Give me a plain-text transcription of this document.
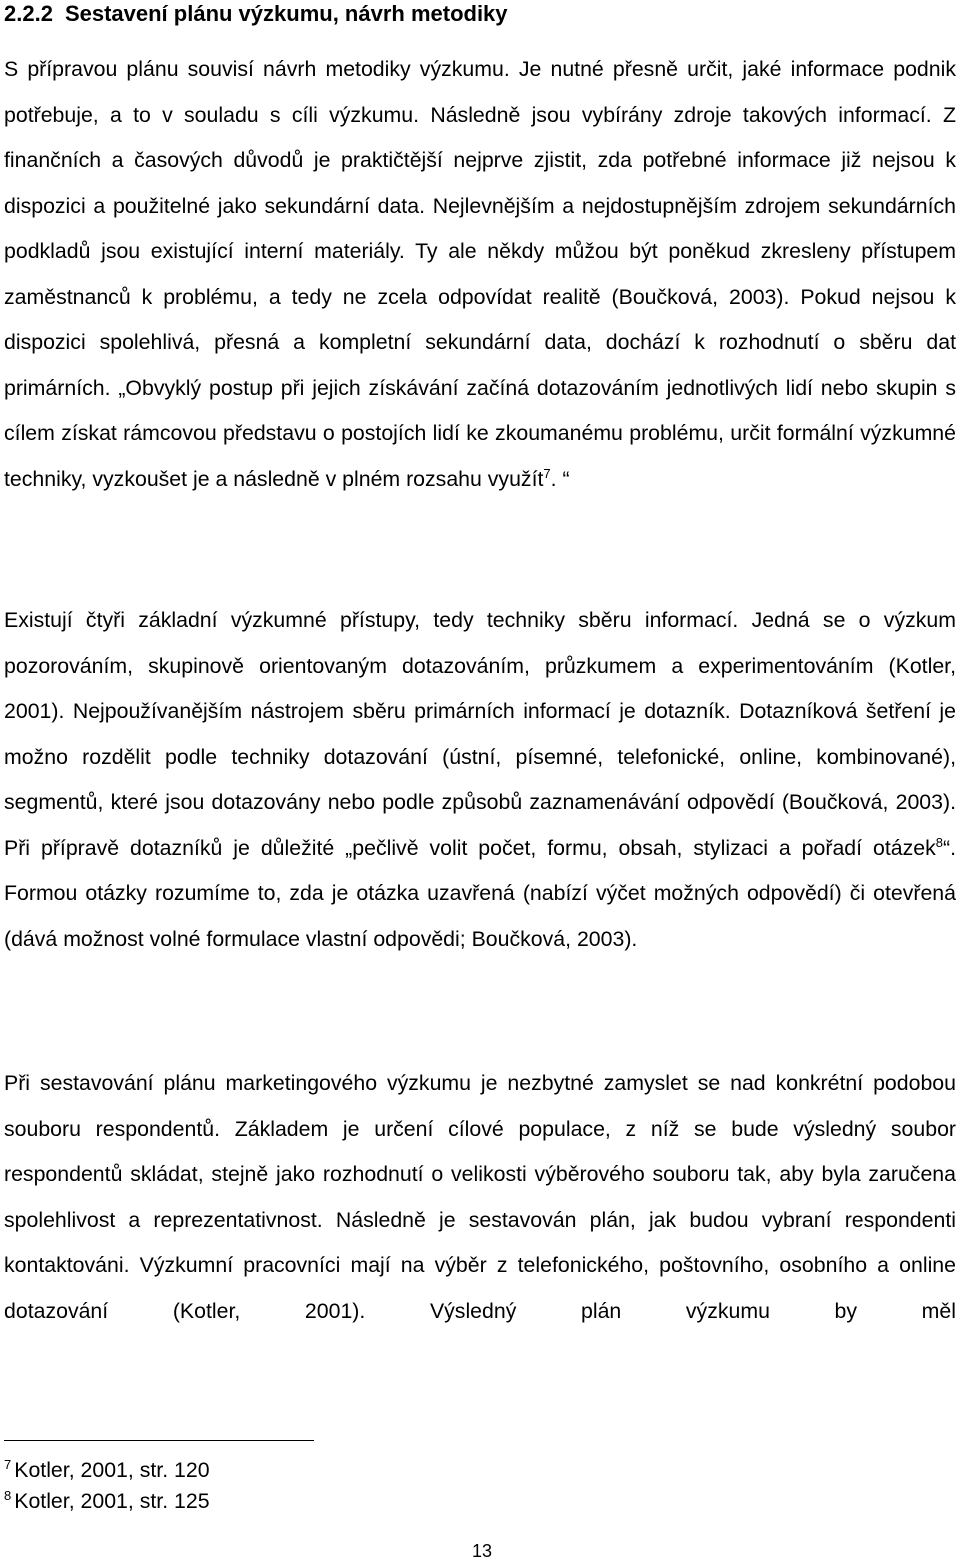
2.2.2 Sestavení plánu výzkumu, návrh metodiky

S přípravou plánu souvisí návrh metodiky výzkumu. Je nutné přesně určit, jaké informace podnik potřebuje, a to v souladu s cíli výzkumu. Následně jsou vybírány zdroje takových informací. Z finančních a časových důvodů je praktičtější nejprve zjistit, zda potřebné informace již nejsou k dispozici a použitelné jako sekundární data. Nejlevnějším a nejdostupnějším zdrojem sekundárních podkladů jsou existující interní materiály. Ty ale někdy můžou být poněkud zkresleny přístupem zaměstnanců k problému, a tedy ne zcela odpovídat realitě (Boučková, 2003). Pokud nejsou k dispozici spolehlivá, přesná a kompletní sekundární data, dochází k rozhodnutí o sběru dat primárních. „Obvyklý postup při jejich získávání začíná dotazováním jednotlivých lidí nebo skupin s cílem získat rámcovou představu o postojích lidí ke zkoumanému problému, určit formální výzkumné techniky, vyzkoušet je a následně v plném rozsahu využít$^7$. “

Existují čtyři základní výzkumné přístupy, tedy techniky sběru informací. Jedná se o výzkum pozorováním, skupinově orientovaným dotazováním, průzkumem a experimentováním (Kotler, 2001). Nejpoužívanějším nástrojem sběru primárních informací je dotazník. Dotazníková šetření je možno rozdělit podle techniky dotazování (ústní, písemné, telefonické, online, kombinované), segmentů, které jsou dotazovány nebo podle způsobů zaznamenávání odpovědí (Boučková, 2003). Při přípravě dotazníků je důležité „pečlivě volit počet, formu, obsah, stylizaci a pořadí otázek$^8$“. Formou otázky rozumíme to, zda je otázka uzavřená (nabízí výčet možných odpovědí) či otevřená (dává možnost volné formulace vlastní odpovědi; Boučková, 2003).

Při sestavování plánu marketingového výzkumu je nezbytné zamyslet se nad konkrétní podobou souboru respondentů. Základem je určení cílové populace, z níž se bude výsledný soubor respondentů skládat, stejně jako rozhodnutí o velikosti výběrového souboru tak, aby byla zaručena spolehlivost a reprezentativnost. Následně je sestavován plán, jak budou vybraní respondenti kontaktováni. Výzkumní pracovníci mají na výběr z telefonického, poštovního, osobního a online dotazování (Kotler, 2001). Výsledný plán výzkumu by měl

$^7$ Kotler, 2001, str. 120
$^8$ Kotler, 2001, str. 125
13
